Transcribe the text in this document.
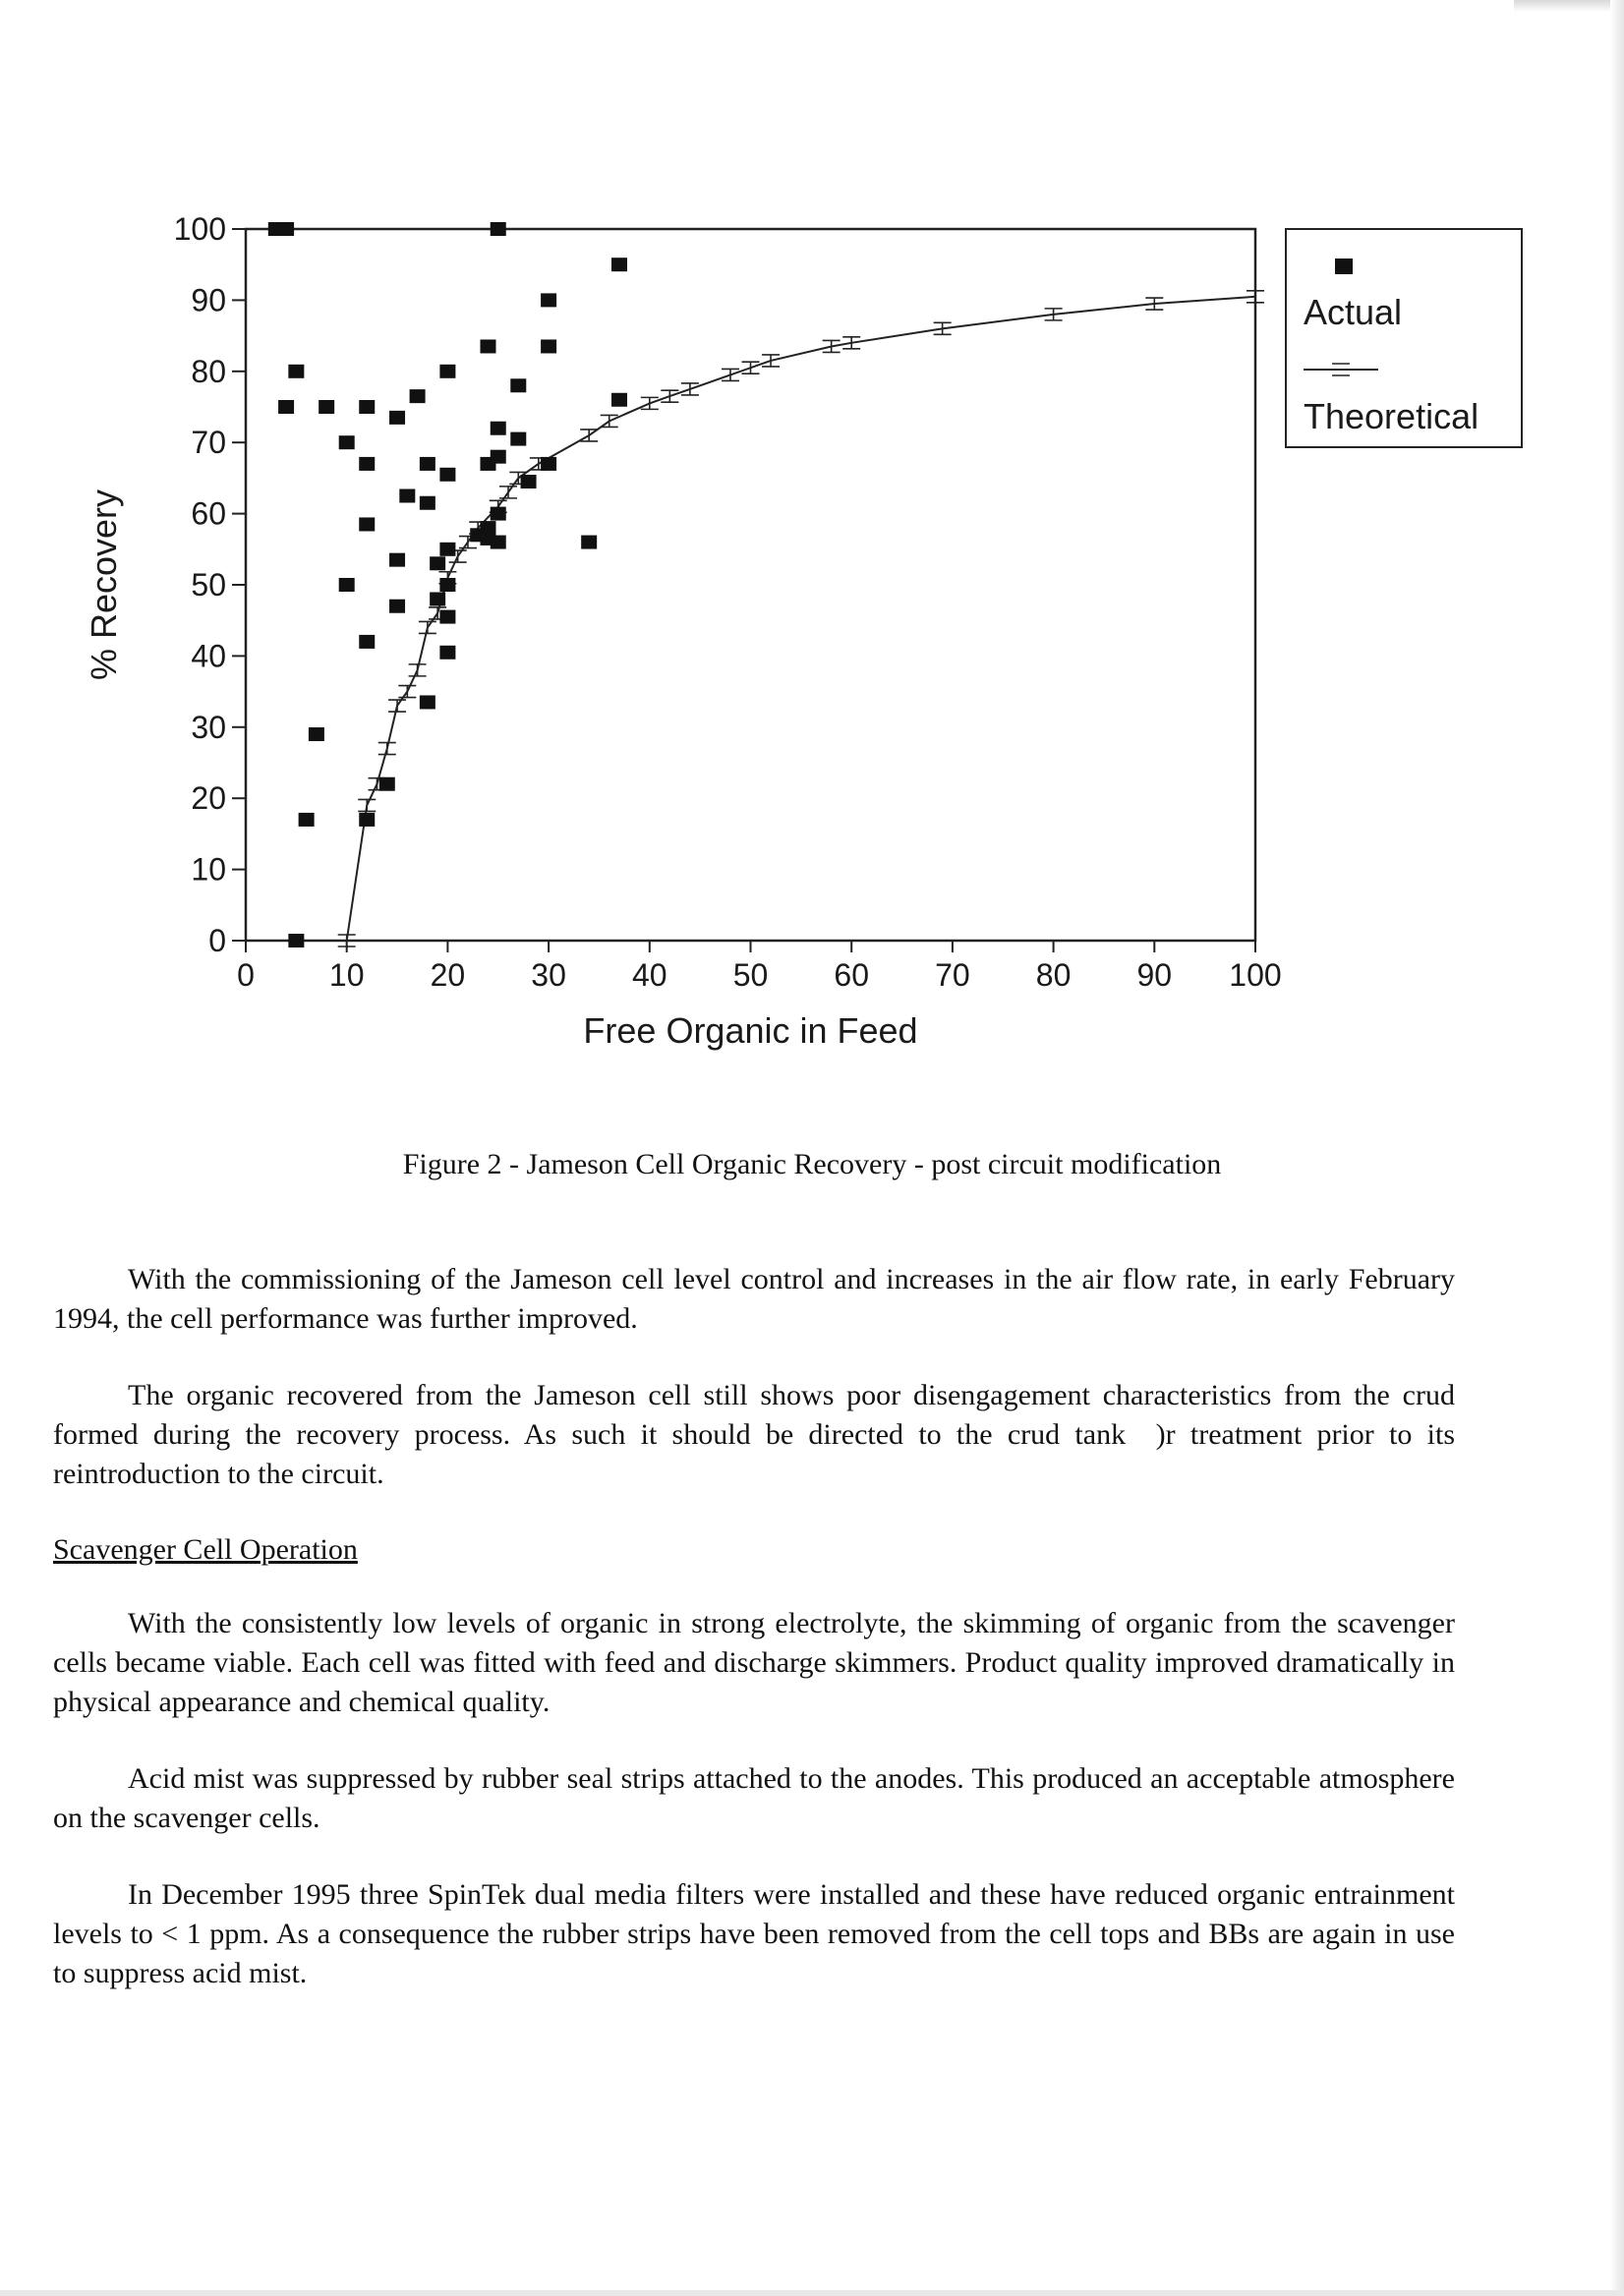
0 10 20 30 40 50 60 70 80 90 100
0
10
20
30
40
50
60
70
80
90
100
Free Organic in Feed
% Recovery
Actual
Theoretical
Figure 2 - Jameson Cell Organic Recovery - post circuit modification

With the commissioning of the Jameson cell level control and increases in the air flow rate, in early February 1994, the cell performance was further improved.

The organic recovered from the Jameson cell still shows poor disengagement characteristics from the crud formed during the recovery process. As such it should be directed to the crud tank  )r treatment prior to its reintroduction to the circuit.

Scavenger Cell Operation

With the consistently low levels of organic in strong electrolyte, the skimming of organic from the scavenger cells became viable. Each cell was fitted with feed and discharge skimmers. Product quality improved dramatically in physical appearance and chemical quality.

Acid mist was suppressed by rubber seal strips attached to the anodes. This produced an acceptable atmosphere on the scavenger cells.

In December 1995 three SpinTek dual media filters were installed and these have reduced organic entrainment levels to < 1 ppm. As a consequence the rubber strips have been removed from the cell tops and BBs are again in use to suppress acid mist.
